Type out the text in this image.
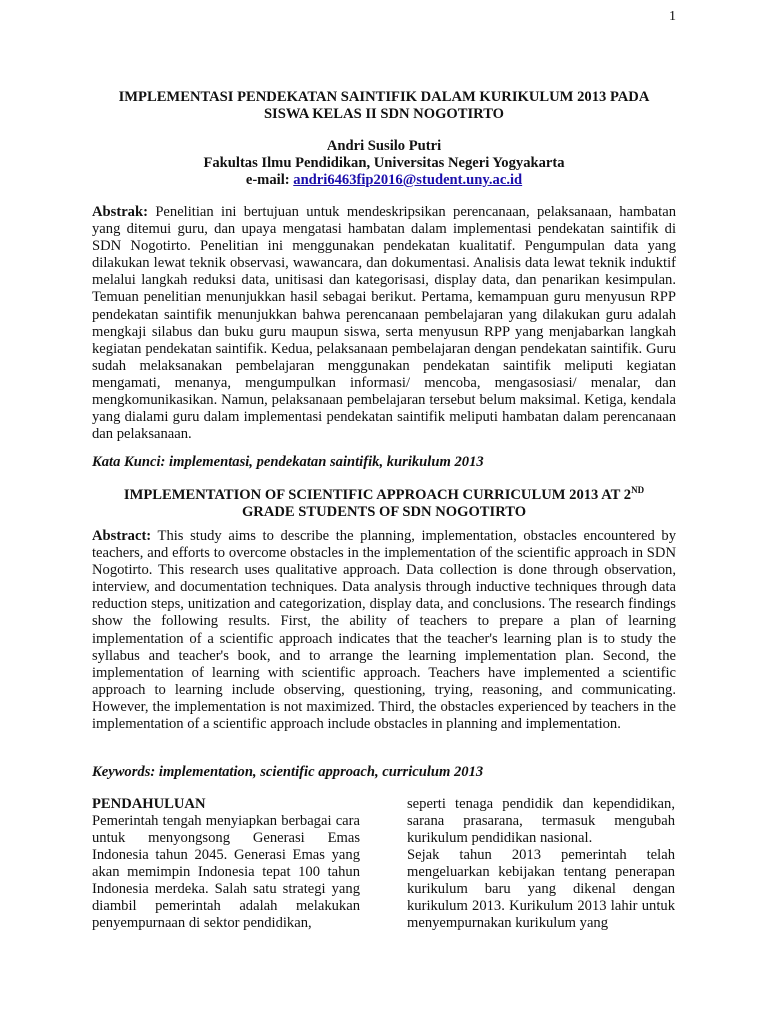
1
IMPLEMENTASI PENDEKATAN SAINTIFIK DALAM KURIKULUM 2013 PADA
SISWA KELAS II SDN NOGOTIRTO
Andri Susilo Putri
Fakultas Ilmu Pendidikan, Universitas Negeri Yogyakarta
e-mail: andri6463fip2016@student.uny.ac.id
Abstrak: Penelitian ini bertujuan untuk mendeskripsikan perencanaan, pelaksanaan, hambatan yang ditemui guru, dan upaya mengatasi hambatan dalam implementasi pendekatan saintifik di SDN Nogotirto. Penelitian ini menggunakan pendekatan kualitatif. Pengumpulan data yang dilakukan lewat teknik observasi, wawancara, dan dokumentasi. Analisis data lewat teknik induktif melalui langkah reduksi data, unitisasi dan kategorisasi, display data, dan penarikan kesimpulan. Temuan penelitian menunjukkan hasil sebagai berikut. Pertama, kemampuan guru menyusun RPP pendekatan saintifik menunjukkan bahwa perencanaan pembelajaran yang dilakukan guru adalah mengkaji silabus dan buku guru maupun siswa, serta menyusun RPP yang menjabarkan langkah kegiatan pendekatan saintifik. Kedua, pelaksanaan pembelajaran dengan pendekatan saintifik. Guru sudah melaksanakan pembelajaran menggunakan pendekatan saintifik meliputi kegiatan mengamati, menanya, mengumpulkan informasi/ mencoba, mengasosiasi/ menalar, dan mengkomunikasikan. Namun, pelaksanaan pembelajaran tersebut belum maksimal. Ketiga, kendala yang dialami guru dalam implementasi pendekatan saintifik meliputi hambatan dalam perencanaan dan pelaksanaan.
Kata Kunci: implementasi, pendekatan saintifik, kurikulum 2013
IMPLEMENTATION OF SCIENTIFIC APPROACH CURRICULUM 2013 AT 2ND
GRADE STUDENTS OF SDN NOGOTIRTO
Abstract: This study aims to describe the planning, implementation, obstacles encountered by teachers, and efforts to overcome obstacles in the implementation of the scientific approach in SDN Nogotirto. This research uses qualitative approach. Data collection is done through observation, interview, and documentation techniques. Data analysis through inductive techniques through data reduction steps, unitization and categorization, display data, and conclusions. The research findings show the following results. First, the ability of teachers to prepare a plan of learning implementation of a scientific approach indicates that the teacher's learning plan is to study the syllabus and teacher's book, and to arrange the learning implementation plan. Second, the implementation of learning with scientific approach. Teachers have implemented a scientific approach to learning include observing, questioning, trying, reasoning, and communicating. However, the implementation is not maximized. Third, the obstacles experienced by teachers in the implementation of a scientific approach include obstacles in planning and implementation.
Keywords: implementation, scientific approach, curriculum 2013
PENDAHULUAN

Pemerintah tengah menyiapkan berbagai cara untuk menyongsong Generasi Emas Indonesia tahun 2045. Generasi Emas yang akan memimpin Indonesia tepat 100 tahun Indonesia merdeka. Salah satu strategi yang diambil pemerintah adalah melakukan penyempurnaan di sektor pendidikan,

seperti tenaga pendidik dan kependidikan, sarana prasarana, termasuk mengubah kurikulum pendidikan nasional.

Sejak tahun 2013 pemerintah telah mengeluarkan kebijakan tentang penerapan kurikulum baru yang dikenal dengan kurikulum 2013. Kurikulum 2013 lahir untuk menyempurnakan kurikulum yang
